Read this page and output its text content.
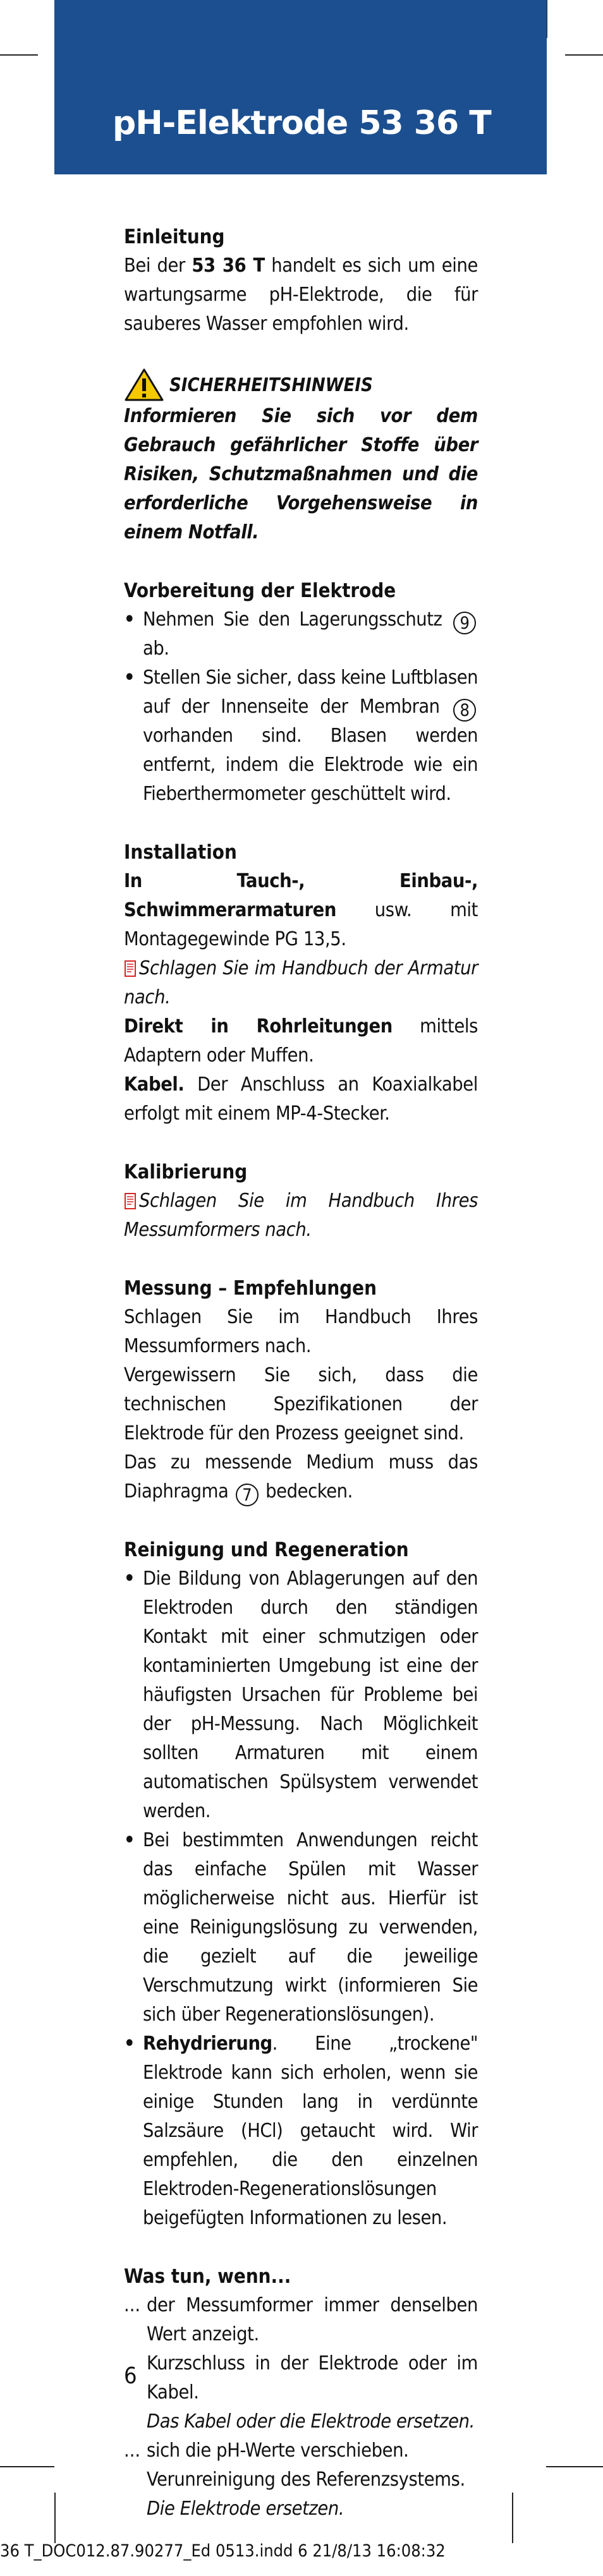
pH-Elektrode 53 36 T

Einleitung

Bei der 53 36 T handelt es sich um eine wartungsarme pH-Elektrode, die für sauberes Wasser empfohlen wird.

SICHERHEITSHINWEIS

Informieren Sie sich vor dem Gebrauch gefährlicher Stoffe über Risiken, Schutzmaßnahmen und die erforderliche Vorgehensweise in einem Notfall.

Vorbereitung der Elektrode

• Nehmen Sie den Lagerungsschutz 9 ab.
• Stellen Sie sicher, dass keine Luftblasen auf der Innenseite der Membran 8 vorhanden sind. Blasen werden entfernt, indem die Elektrode wie ein Fieberthermometer geschüttelt wird.

Installation

In Tauch-, Einbau-, Schwimmerarmaturen usw. mit Montagegewinde PG 13,5.

Schlagen Sie im Handbuch der Armatur nach.

Direkt in Rohrleitungen mittels Adaptern oder Muffen.

Kabel. Der Anschluss an Koaxialkabel erfolgt mit einem MP-4-Stecker.

Kalibrierung

Schlagen Sie im Handbuch Ihres Messumformers nach.

Messung – Empfehlungen

Schlagen Sie im Handbuch Ihres Messumformers nach.

Vergewissern Sie sich, dass die technischen Spezifikationen der Elektrode für den Prozess geeignet sind.

Das zu messende Medium muss das Diaphragma 7 bedecken.

Reinigung und Regeneration

• Die Bildung von Ablagerungen auf den Elektroden durch den ständigen Kontakt mit einer schmutzigen oder kontaminierten Umgebung ist eine der häufigsten Ursachen für Probleme bei der pH-Messung. Nach Möglichkeit sollten Armaturen mit einem automatischen Spülsystem verwendet werden.
• Bei bestimmten Anwendungen reicht das einfache Spülen mit Wasser möglicherweise nicht aus. Hierfür ist eine Reinigungslösung zu verwenden, die gezielt auf die jeweilige Verschmutzung wirkt (informieren Sie sich über Regenerationslösungen).
• Rehydrierung. Eine „trockene" Elektrode kann sich erholen, wenn sie einige Stunden lang in verdünnte Salzsäure (HCl) getaucht wird. Wir empfehlen, die den einzelnen Elektroden-Regenerationslösungen beigefügten Informationen zu lesen.

Was tun, wenn...

... der Messumformer immer denselben Wert anzeigt.

Kurzschluss in der Elektrode oder im Kabel.

Das Kabel oder die Elektrode ersetzen.

... sich die pH-Werte verschieben.

Verunreinigung des Referenzsystems.

Die Elektrode ersetzen.

6
36 T_DOC012.87.90277_Ed 0513.indd 6 21/8/13 16:08:32
